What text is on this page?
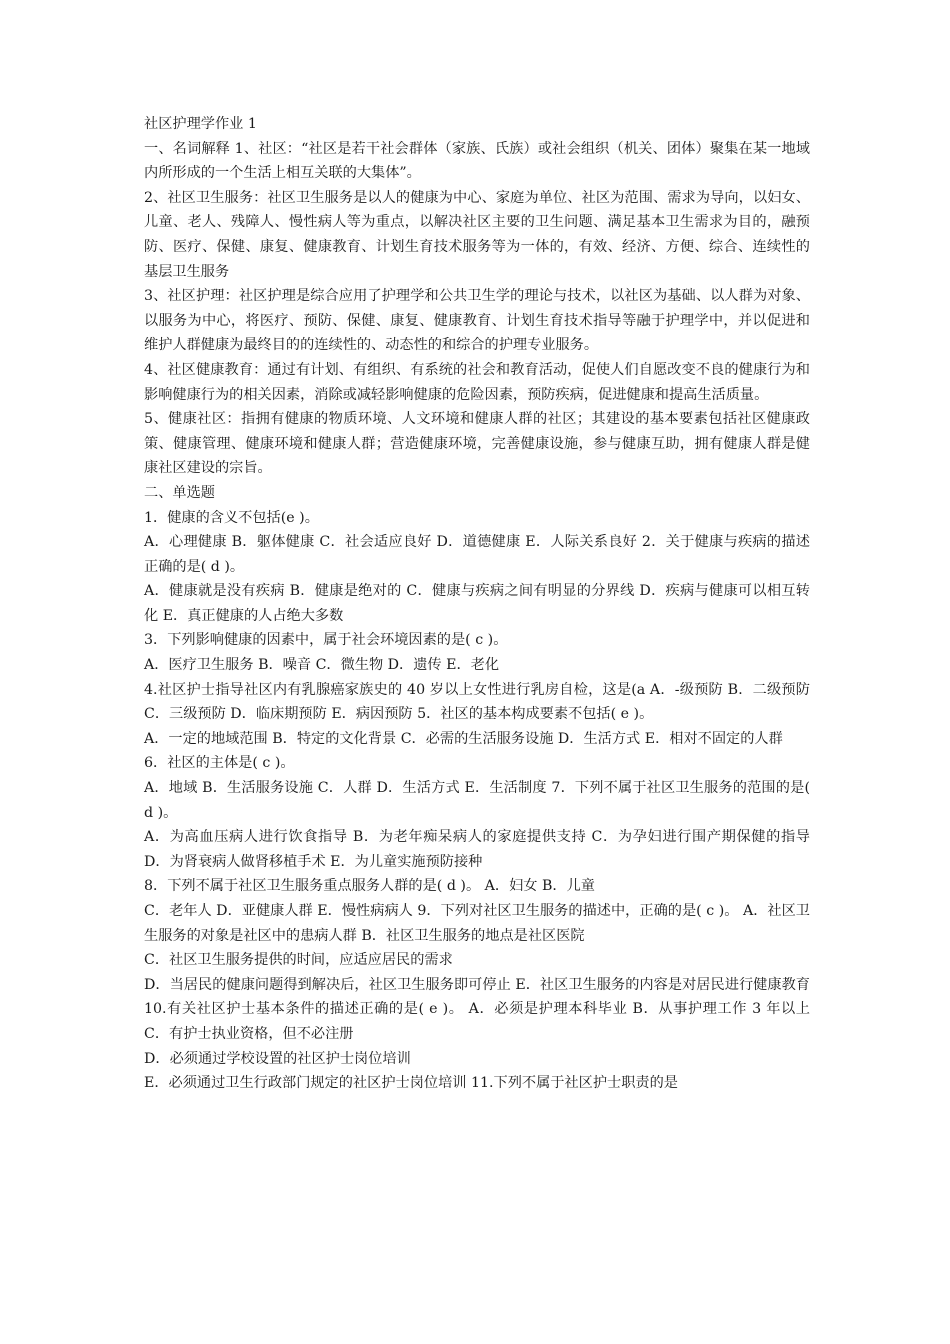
社区护理学作业 1

一、名词解释 1、社区：“社区是若干社会群体（家族、氏族）或社会组织（机关、团体）聚集在某一地域内所形成的一个生活上相互关联的大集体”。

2、社区卫生服务：社区卫生服务是以人的健康为中心、家庭为单位、社区为范围、需求为导向，以妇女、儿童、老人、残障人、慢性病人等为重点，以解决社区主要的卫生问题、满足基本卫生需求为目的，融预防、医疗、保健、康复、健康教育、计划生育技术服务等为一体的，有效、经济、方便、综合、连续性的基层卫生服务

3、社区护理：社区护理是综合应用了护理学和公共卫生学的理论与技术，以社区为基础、以人群为对象、以服务为中心，将医疗、预防、保健、康复、健康教育、计划生育技术指导等融于护理学中，并以促进和维护人群健康为最终目的的连续性的、动态性的和综合的护理专业服务。

4、社区健康教育：通过有计划、有组织、有系统的社会和教育活动，促使人们自愿改变不良的健康行为和影响健康行为的相关因素，消除或减轻影响健康的危险因素，预防疾病，促进健康和提高生活质量。

5、健康社区：指拥有健康的物质环境、人文环境和健康人群的社区；其建设的基本要素包括社区健康政策、健康管理、健康环境和健康人群；营造健康环境，完善健康设施，参与健康互助，拥有健康人群是健康社区建设的宗旨。

二、单选题

1．健康的含义不包括(e )。

A．心理健康 B．躯体健康 C．社会适应良好 D．道德健康 E．人际关系良好 2．关于健康与疾病的描述正确的是( d )。

A．健康就是没有疾病 B．健康是绝对的 C．健康与疾病之间有明显的分界线 D．疾病与健康可以相互转化 E．真正健康的人占绝大多数

3．下列影响健康的因素中，属于社会环境因素的是( c )。

A．医疗卫生服务 B．噪音 C．微生物 D．遗传 E．老化

4.社区护士指导社区内有乳腺癌家族史的 40 岁以上女性进行乳房自检，这是(a A．-级预防 B．二级预防 C．三级预防 D．临床期预防 E．病因预防 5．社区的基本构成要素不包括( e )。

A．一定的地域范围 B．特定的文化背景 C．必需的生活服务设施 D．生活方式 E．相对不固定的人群

6．社区的主体是( c )。

A．地域 B．生活服务设施 C．人群 D．生活方式 E．生活制度 7．下列不属于社区卫生服务的范围的是( d )。

A．为高血压病人进行饮食指导 B．为老年痴呆病人的家庭提供支持 C．为孕妇进行围产期保健的指导 D．为肾衰病人做肾移植手术 E．为儿童实施预防接种

8．下列不属于社区卫生服务重点服务人群的是( d )。 A．妇女 B．儿童

C．老年人 D．亚健康人群 E．慢性病病人 9．下列对社区卫生服务的描述中，正确的是( c )。 A．社区卫生服务的对象是社区中的患病人群 B．社区卫生服务的地点是社区医院

C．社区卫生服务提供的时间，应适应居民的需求

D．当居民的健康问题得到解决后，社区卫生服务即可停止 E．社区卫生服务的内容是对居民进行健康教育 10.有关社区护士基本条件的描述正确的是( e )。 A．必须是护理本科毕业 B．从事护理工作 3 年以上 C．有护士执业资格，但不必注册

D．必须通过学校设置的社区护士岗位培训

E．必须通过卫生行政部门规定的社区护士岗位培训 11.下列不属于社区护士职责的是
